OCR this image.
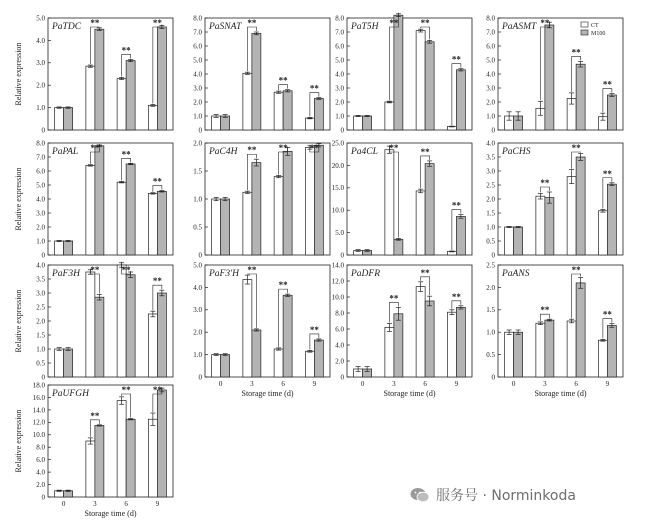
0
1.0
2.0
3.0
4.0
5.0
PaTDC **
**
**
Relative expression
0
1.0
2.0
3.0
4.0
5.0
6.0
7.0
8.0
PaSNAT **
**
**
0
1.0
2.0
3.0
4.0
5.0
6.0
7.0
8.0
PaT5H ** **
**
0
1.0
2.0
3.0
4.0
5.0
6.0
7.0
8.0
PaASMT **
**
**
CT
M100
0
1.0
2.0
3.0
4.0
5.0
6.0
7.0
8.0
PaPAL **
**
**
Relative expression
0
0.5
1.0
1.5
2.0
PaC4H ** ** **
0
5.0
10.0
15.0
20.0
25.0
Pa4CL ** **
**
0
0.5
1.0
1.5
2.0
2.5
3.0
3.5
4.0
PaCHS
**
**
**
0
0.5
1.0
1.5
2.0
2.5
3.0
3.5
4.0
PaF3H ** **
**
Relative expression
0
1.0
2.0
3.0
4.0
5.0
PaF3'H **
**
**
0	3	6	9
Storage time (d)
0
2.0
4.0
6.0
8.0
10.0
12.0
14.0
PaDFR
**
**
**
0	3	6	9
Storage time (d)
0
0.5
1.0
1.5
2.0
2.5
PaANS
**
**
**
0	3	6	9
Storage time (d)
0
2.0
4.0
6.0
8.0
10.0
12.0
14.0
16.0
18.0
PaUFGH
**
** **
0	3	6	9
Storage time (d)
Relative expression
服务号 · Norminkoda
